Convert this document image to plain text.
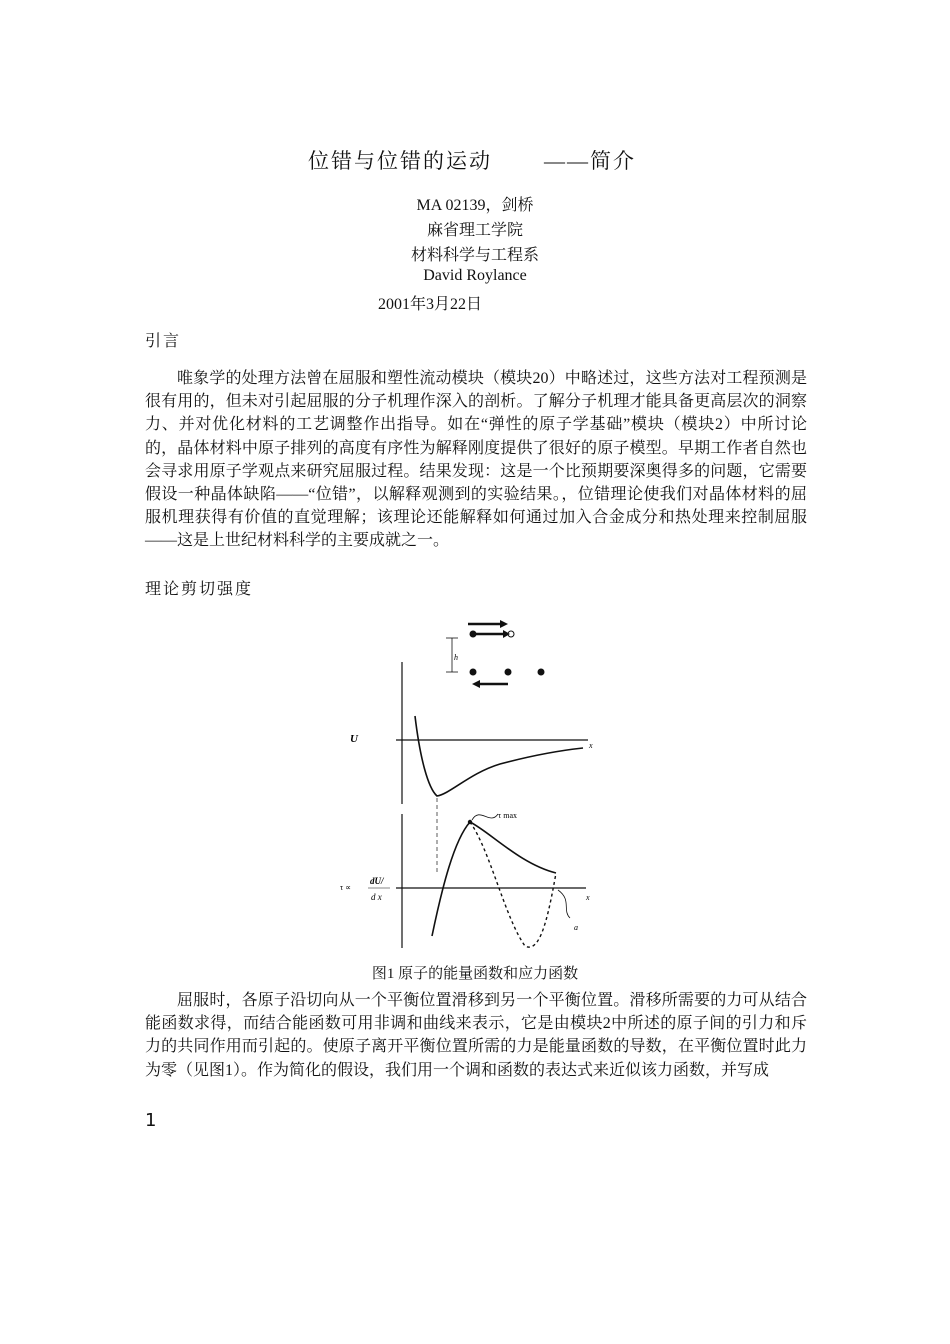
位错与位错的运动 ——简介
MA 02139，剑桥
麻省理工学院
材料科学与工程系
David Roylance
2001年3月22日
引言

唯象学的处理方法曾在屈服和塑性流动模块（模块20）中略述过，这些方法对工程预测是很有用的，但未对引起屈服的分子机理作深入的剖析。了解分子机理才能具备更高层次的洞察力、并对优化材料的工艺调整作出指导。如在“弹性的原子学基础”模块（模块2）中所讨论的，晶体材料中原子排列的高度有序性为解释刚度提供了很好的原子模型。早期工作者自然也会寻求用原子学观点来研究屈服过程。结果发现：这是一个比预期要深奥得多的问题，它需要假设一种晶体缺陷——“位错”，以解释观测到的实验结果。，位错理论使我们对晶体材料的屈服机理获得有价值的直觉理解；该理论还能解释如何通过加入合金成分和热处理来控制屈服——这是上世纪材料科学的主要成就之一。

理论剪切强度
h
U
x
x
τ ∝
dU/
d x
τ max
a
图1 原子的能量函数和应力函数

屈服时，各原子沿切向从一个平衡位置滑移到另一个平衡位置。滑移所需要的力可从结合能函数求得，而结合能函数可用非调和曲线来表示，它是由模块2中所述的原子间的引力和斥力的共同作用而引起的。使原子离开平衡位置所需的力是能量函数的导数，在平衡位置时此力为零（见图1）。作为简化的假设，我们用一个调和函数的表达式来近似该力函数，并写成

1
